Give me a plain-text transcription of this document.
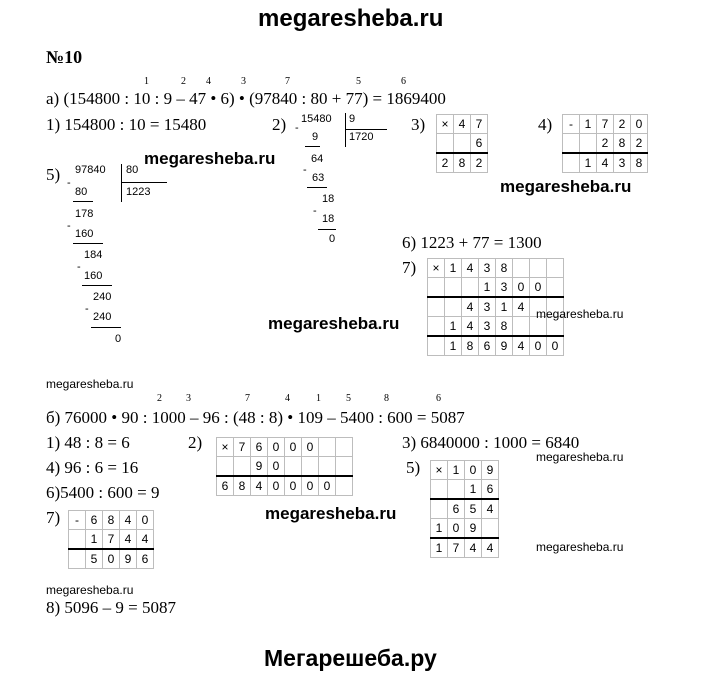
megaresheba.ru
Мегарешеба.ру
№10
1	2 4	3	7	5	6
а) (154800 : 10 : 9 – 47 • 6) • (97840 : 80 + 77) = 1869400
1) 154800 : 10 = 15480	2) 15480 9
1720
-
9
64
-
63
18
-
18
0
3) ×	4	7
		6
2	8	2
4) -	1	7	2	0
		2	8	2
	1	4	3	8
5) 97840 80
1223
-
80
178
-
160
184
-
160
240
-
240
0
6) 1223 + 77 = 1300
7) ×	1	4	3	8			
			1	3	0	0	
		4	3	1	4		
	1	4	3	8			
	1	8	6	9	4	0	0
megaresheba.ru
megaresheba.ru
megaresheba.ru	megaresheba.ru
megaresheba.ru
megaresheba.ru
megaresheba.ru
megaresheba.ru
megaresheba.ru
2 3	7	4	1	5	8	6
б) 76000 • 90 : 1000 – 96 : (48 : 8) • 109 – 5400 : 600 = 5087
1) 48 : 8 = 6	2) ×	7	6	0	0	0		
		9	0				
6	8	4	0	0	0	0	
3) 6840000 : 1000 = 6840
4) 96 : 6 = 16	5) ×	1	0	9
		1	6
	6	5	4
1	0	9	
1	7	4	4
6)5400 : 600 = 9
7) -	6	8	4	0
	1	7	4	4
	5	0	9	6
8) 5096 – 9 = 5087
